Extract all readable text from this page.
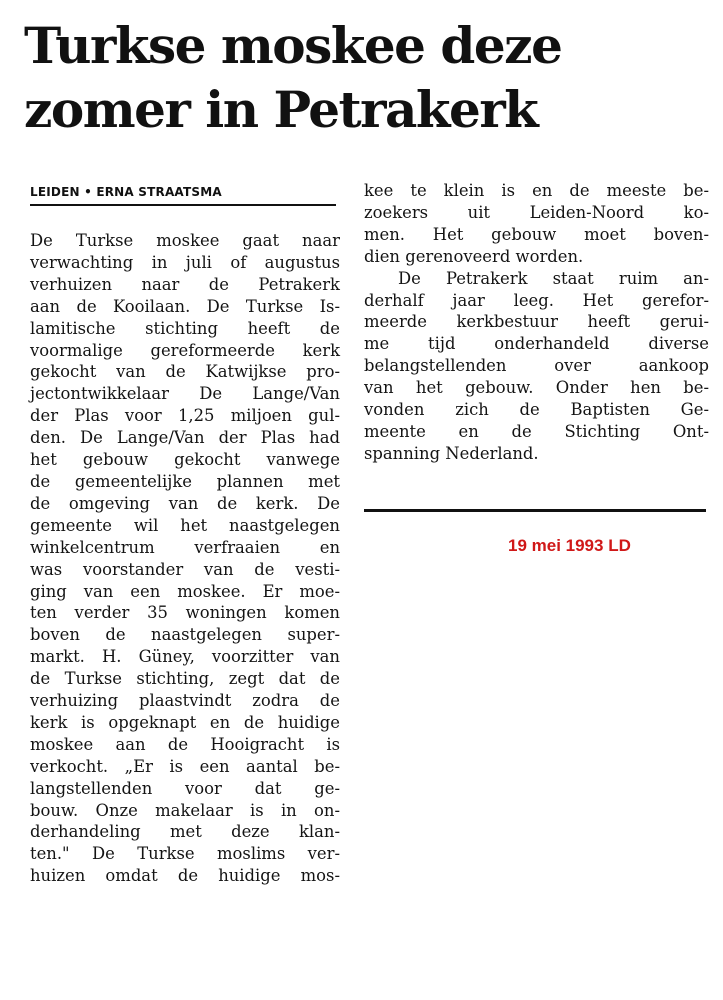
Turkse moskee deze
zomer in Petrakerk
LEIDEN • ERNA STRAATSMA
De Turkse moskee gaat naar
verwachting in juli of augustus
verhuizen naar de Petrakerk
aan de Kooilaan. De Turkse Is-
lamitische stichting heeft de
voormalige gereformeerde kerk
gekocht van de Katwijkse pro-
jectontwikkelaar De Lange/Van
der Plas voor 1,25 miljoen gul-
den. De Lange/Van der Plas had
het gebouw gekocht vanwege
de gemeentelijke plannen met
de omgeving van de kerk. De
gemeente wil het naastgelegen
winkelcentrum verfraaien en
was voorstander van de vesti-
ging van een moskee. Er moe-
ten verder 35 woningen komen
boven de naastgelegen super-
markt. H. Güney, voorzitter van
de Turkse stichting, zegt dat de
verhuizing plaastvindt zodra de
kerk is opgeknapt en de huidige
moskee aan de Hooigracht is
verkocht. „Er is een aantal be-
langstellenden voor dat ge-
bouw. Onze makelaar is in on-
derhandeling met deze klan-
ten." De Turkse moslims ver-
huizen omdat de huidige mos-
kee te klein is en de meeste be-
zoekers uit Leiden-Noord ko-
men. Het gebouw moet boven-
dien gerenoveerd worden.
De Petrakerk staat ruim an-
derhalf jaar leeg. Het gerefor-
meerde kerkbestuur heeft gerui-
me tijd onderhandeld diverse
belangstellenden over aankoop
van het gebouw. Onder hen be-
vonden zich de Baptisten Ge-
meente en de Stichting Ont-
spanning Nederland.
19 mei 1993 LD
